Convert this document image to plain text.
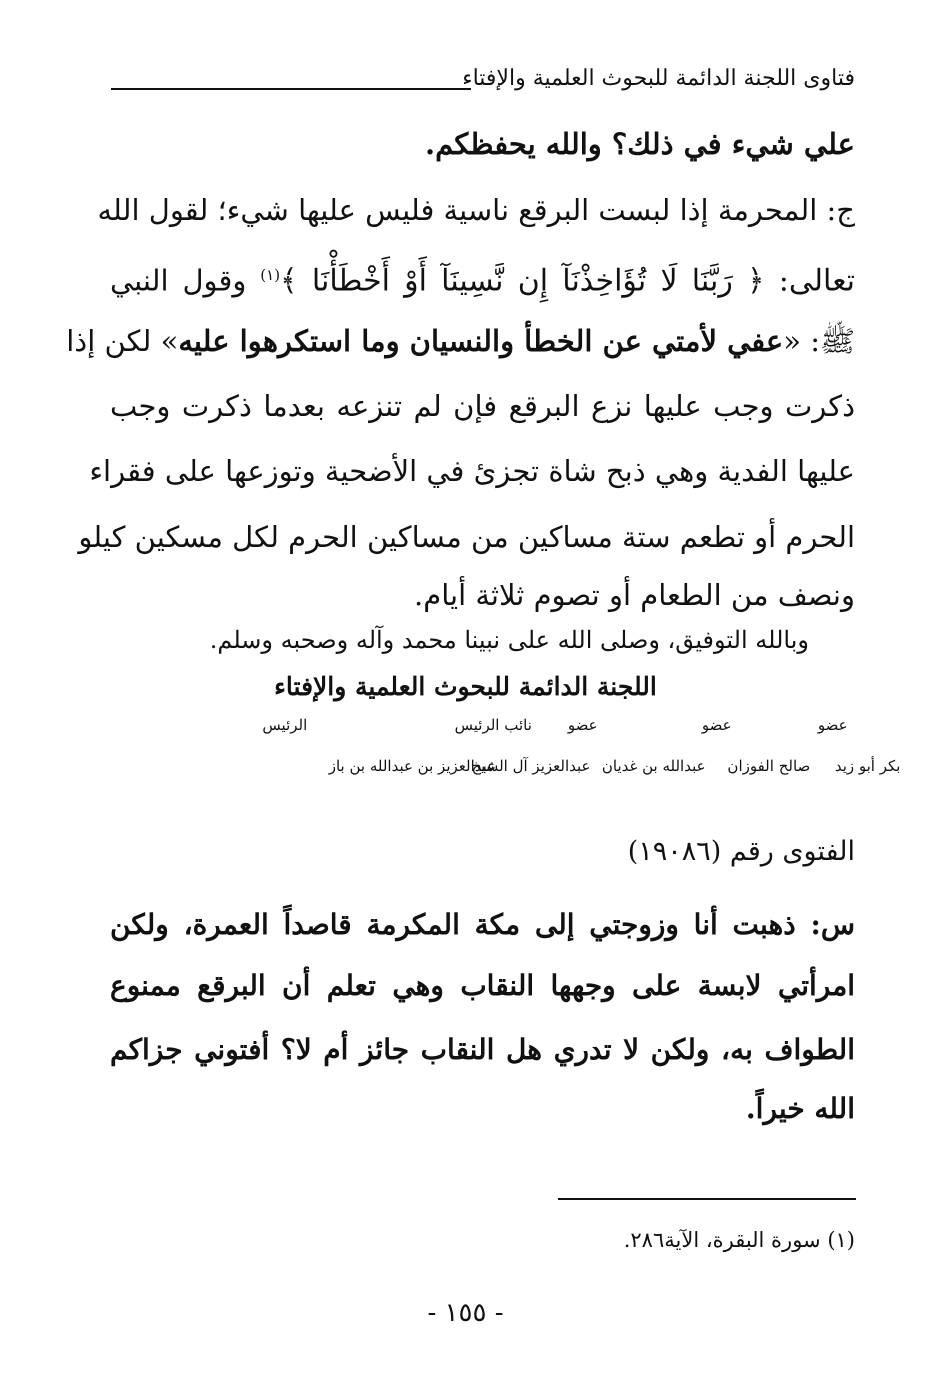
فتاوى اللجنة الدائمة للبحوث العلمية والإفتاء
علي شيء في ذلك؟ والله يحفظكم.
ج: المحرمة إذا لبست البرقع ناسية فليس عليها شيء؛ لقول الله
تعالى: ﴿ رَبَّنَا لَا تُؤَاخِذْنَآ إِن نَّسِينَآ أَوْ أَخْطَأْنَا ﴾$^{(١)}$ وقول النبي
ﷺ: «عفي لأمتي عن الخطأ والنسيان وما استكرهوا عليه» لكن إذا
ذكرت وجب عليها نزع البرقع فإن لم تنزعه بعدما ذكرت وجب
عليها الفدية وهي ذبح شاة تجزئ في الأضحية وتوزعها على فقراء
الحرم أو تطعم ستة مساكين من مساكين الحرم لكل مسكين كيلو
ونصف من الطعام أو تصوم ثلاثة أيام.
وبالله التوفيق، وصلى الله على نبينا محمد وآله وصحبه وسلم.
اللجنة الدائمة للبحوث العلمية والإفتاء
عضو
عضو
عضو
نائب الرئيس
الرئيس
بكر أبو زيد
صالح الفوزان
عبدالله بن غديان
عبدالعزيز آل الشيخ
عبدالعزيز بن عبدالله بن باز
الفتوى رقم (١٩٠٨٦)
س: ذهبت أنا وزوجتي إلى مكة المكرمة قاصداً العمرة، ولكن
امرأتي لابسة على وجهها النقاب وهي تعلم أن البرقع ممنوع
الطواف به، ولكن لا تدري هل النقاب جائز أم لا؟ أفتوني جزاكم
الله خيراً.
(١) سورة البقرة، الآية٢٨٦.
- ١٥٥ -
